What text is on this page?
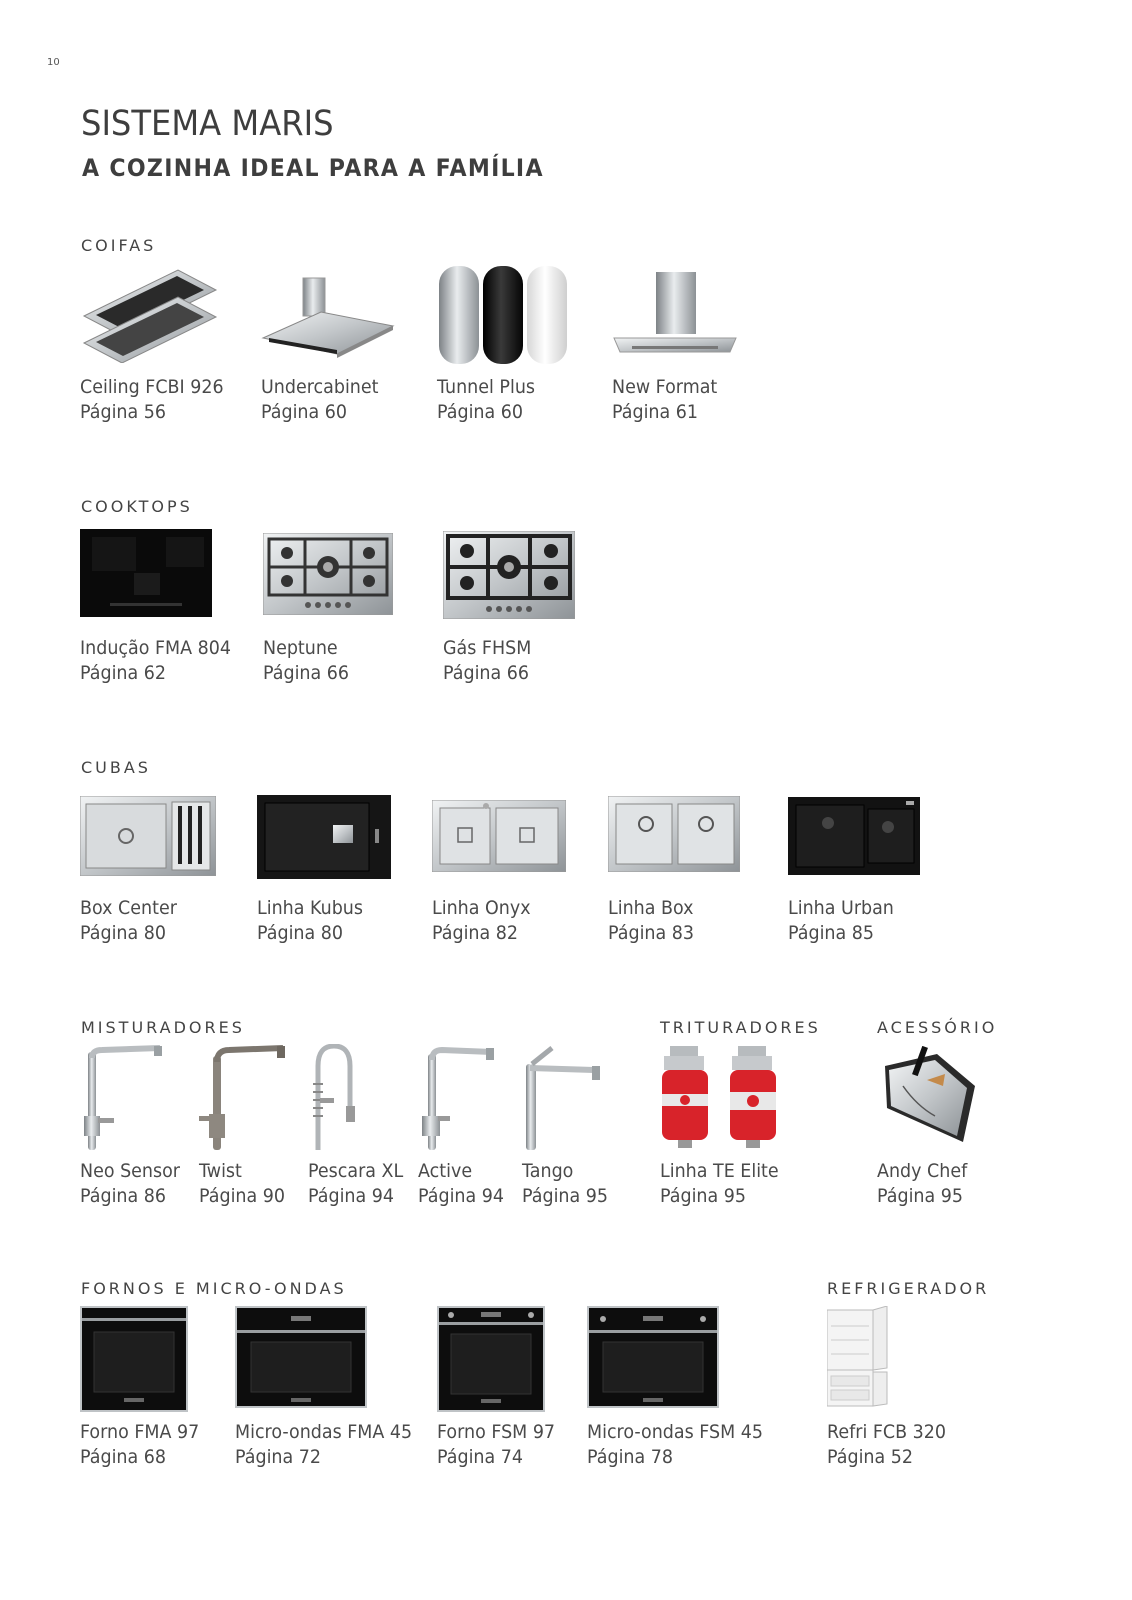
10
SISTEMA MARIS
A COZINHA IDEAL PARA A FAMÍLIA
COIFAS
Ceiling FCBI 926
Página 56
Undercabinet
Página 60
Tunnel Plus
Página 60
New Format
Página 61
COOKTOPS
Indução FMA 804
Página 62
Neptune
Página 66
Gás FHSM
Página 66
CUBAS
Box Center
Página 80
Linha Kubus
Página 80
Linha Onyx
Página 82
Linha Box
Página 83
Linha Urban
Página 85
MISTURADORES
Neo Sensor
Página 86
Twist
Página 90
Pescara XL
Página 94
Active
Página 94
Tango
Página 95
TRITURADORES
Linha TE Elite
Página 95
ACESSÓRIO
Andy Chef
Página 95
FORNOS E MICRO-ONDAS
Forno FMA 97
Página 68
Micro-ondas FMA 45
Página 72
Forno FSM 97
Página 74
Micro-ondas FSM 45
Página 78
REFRIGERADOR
Refri FCB 320
Página 52
